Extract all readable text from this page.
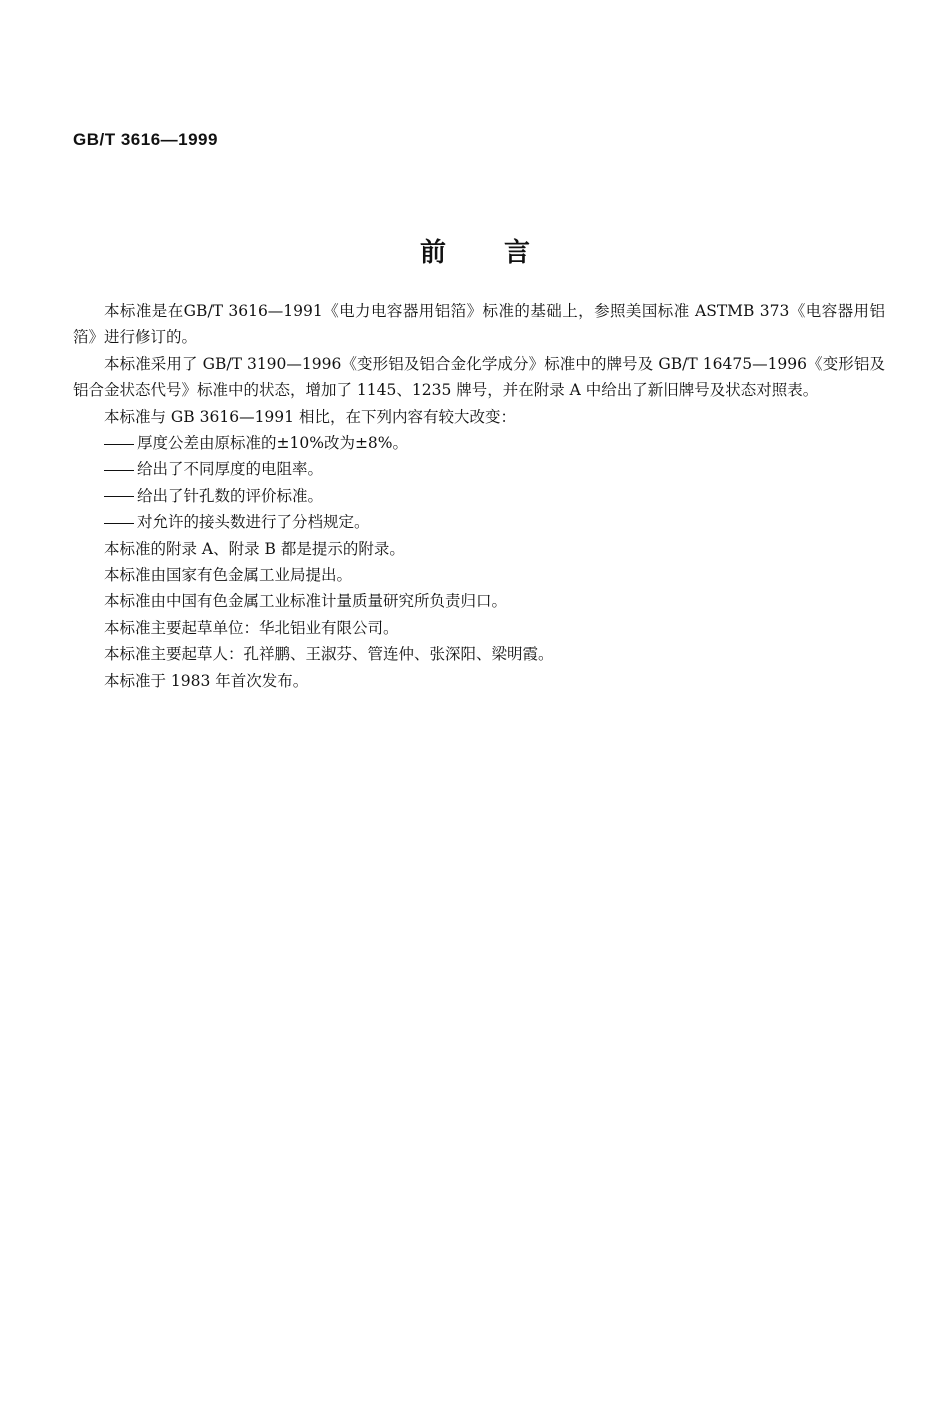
GB/T 3616—1999
前言

本标准是在GB/T 3616—1991《电力电容器用铝箔》标准的基础上，参照美国标准 ASTMB 373《电容器用铝箔》进行修订的。

本标准采用了 GB/T 3190—1996《变形铝及铝合金化学成分》标准中的牌号及 GB/T 16475—1996《变形铝及铝合金状态代号》标准中的状态，增加了 1145、1235 牌号，并在附录 A 中给出了新旧牌号及状态对照表。

本标准与 GB 3616—1991 相比，在下列内容有较大改变：

厚度公差由原标准的±10%改为±8%。

给出了不同厚度的电阻率。

给出了针孔数的评价标准。

对允许的接头数进行了分档规定。

本标准的附录 A、附录 B 都是提示的附录。

本标准由国家有色金属工业局提出。

本标准由中国有色金属工业标准计量质量研究所负责归口。

本标准主要起草单位：华北铝业有限公司。

本标准主要起草人：孔祥鹏、王淑芬、管连仲、张深阳、梁明霞。

本标准于 1983 年首次发布。
